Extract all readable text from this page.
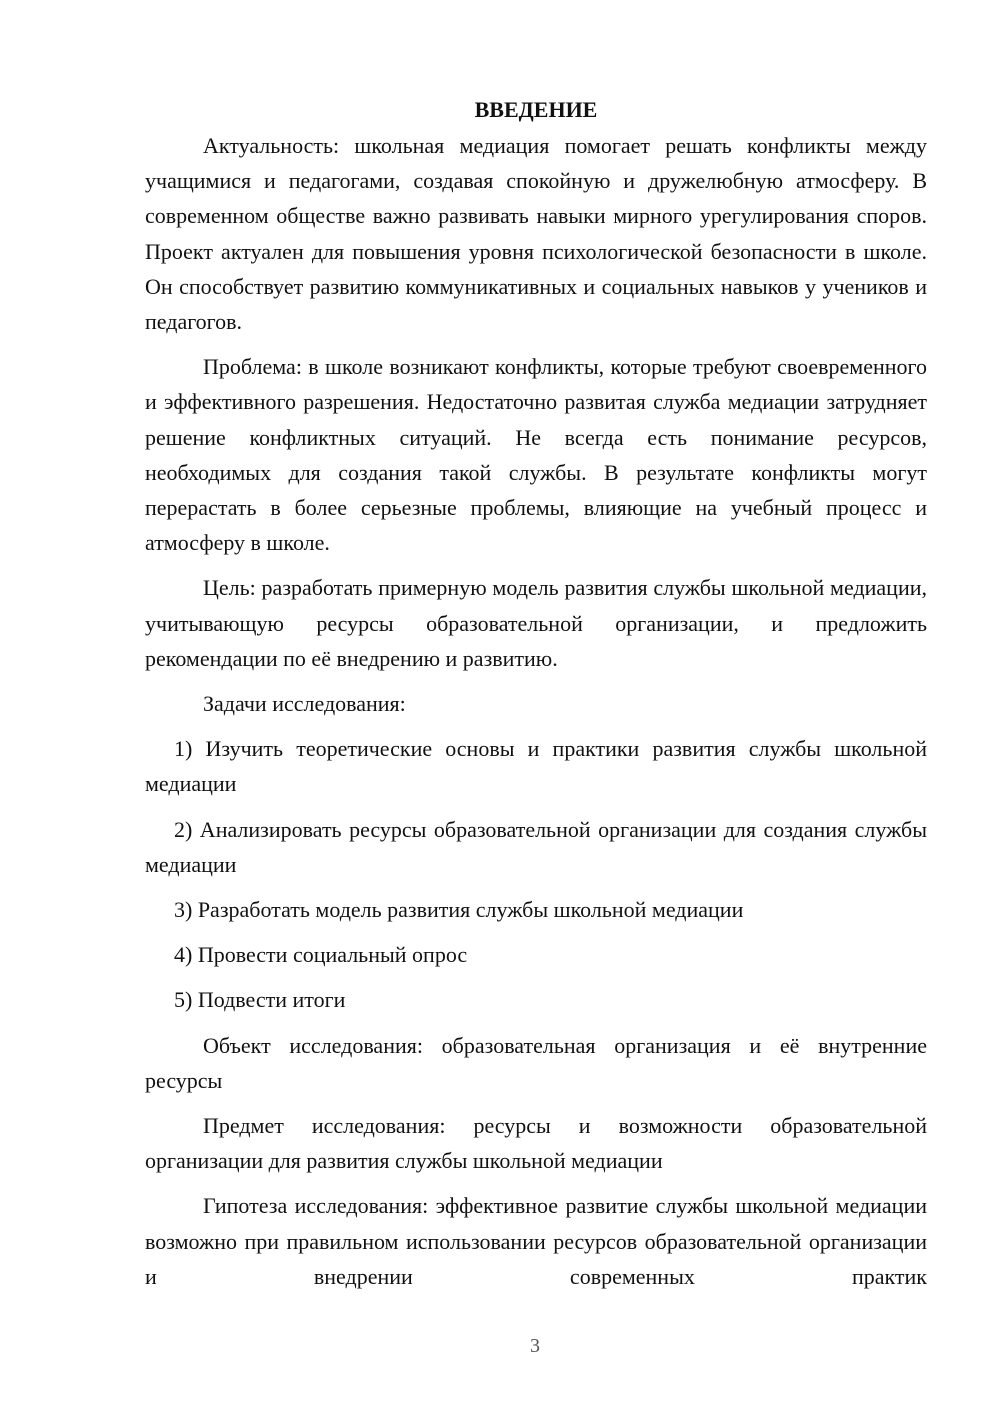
ВВЕДЕНИЕ

Актуальность: школьная медиация помогает решать конфликты между учащимися и педагогами, создавая спокойную и дружелюбную атмосферу. В современном обществе важно развивать навыки мирного урегулирования споров. Проект актуален для повышения уровня психологической безопасности в школе. Он способствует развитию коммуникативных и социальных навыков у учеников и педагогов.

Проблема: в школе возникают конфликты, которые требуют своевременного и эффективного разрешения. Недостаточно развитая служба медиации затрудняет решение конфликтных ситуаций. Не всегда есть понимание ресурсов, необходимых для создания такой службы. В результате конфликты могут перерастать в более серьезные проблемы, влияющие на учебный процесс и атмосферу в школе.

Цель: разработать примерную модель развития службы школьной медиации, учитывающую ресурсы образовательной организации, и предложить рекомендации по её внедрению и развитию.

Задачи исследования:

1) Изучить теоретические основы и практики развития службы школьной медиации

2) Анализировать ресурсы образовательной организации для создания службы медиации

3) Разработать модель развития службы школьной медиации

4) Провести социальный опрос

5) Подвести итоги

Объект исследования: образовательная организация и её внутренние ресурсы

Предмет исследования: ресурсы и возможности образовательной организации для развития службы школьной медиации

Гипотеза исследования: эффективное развитие службы школьной медиации возможно при правильном использовании ресурсов образовательной организации и внедрении современных практик

3
